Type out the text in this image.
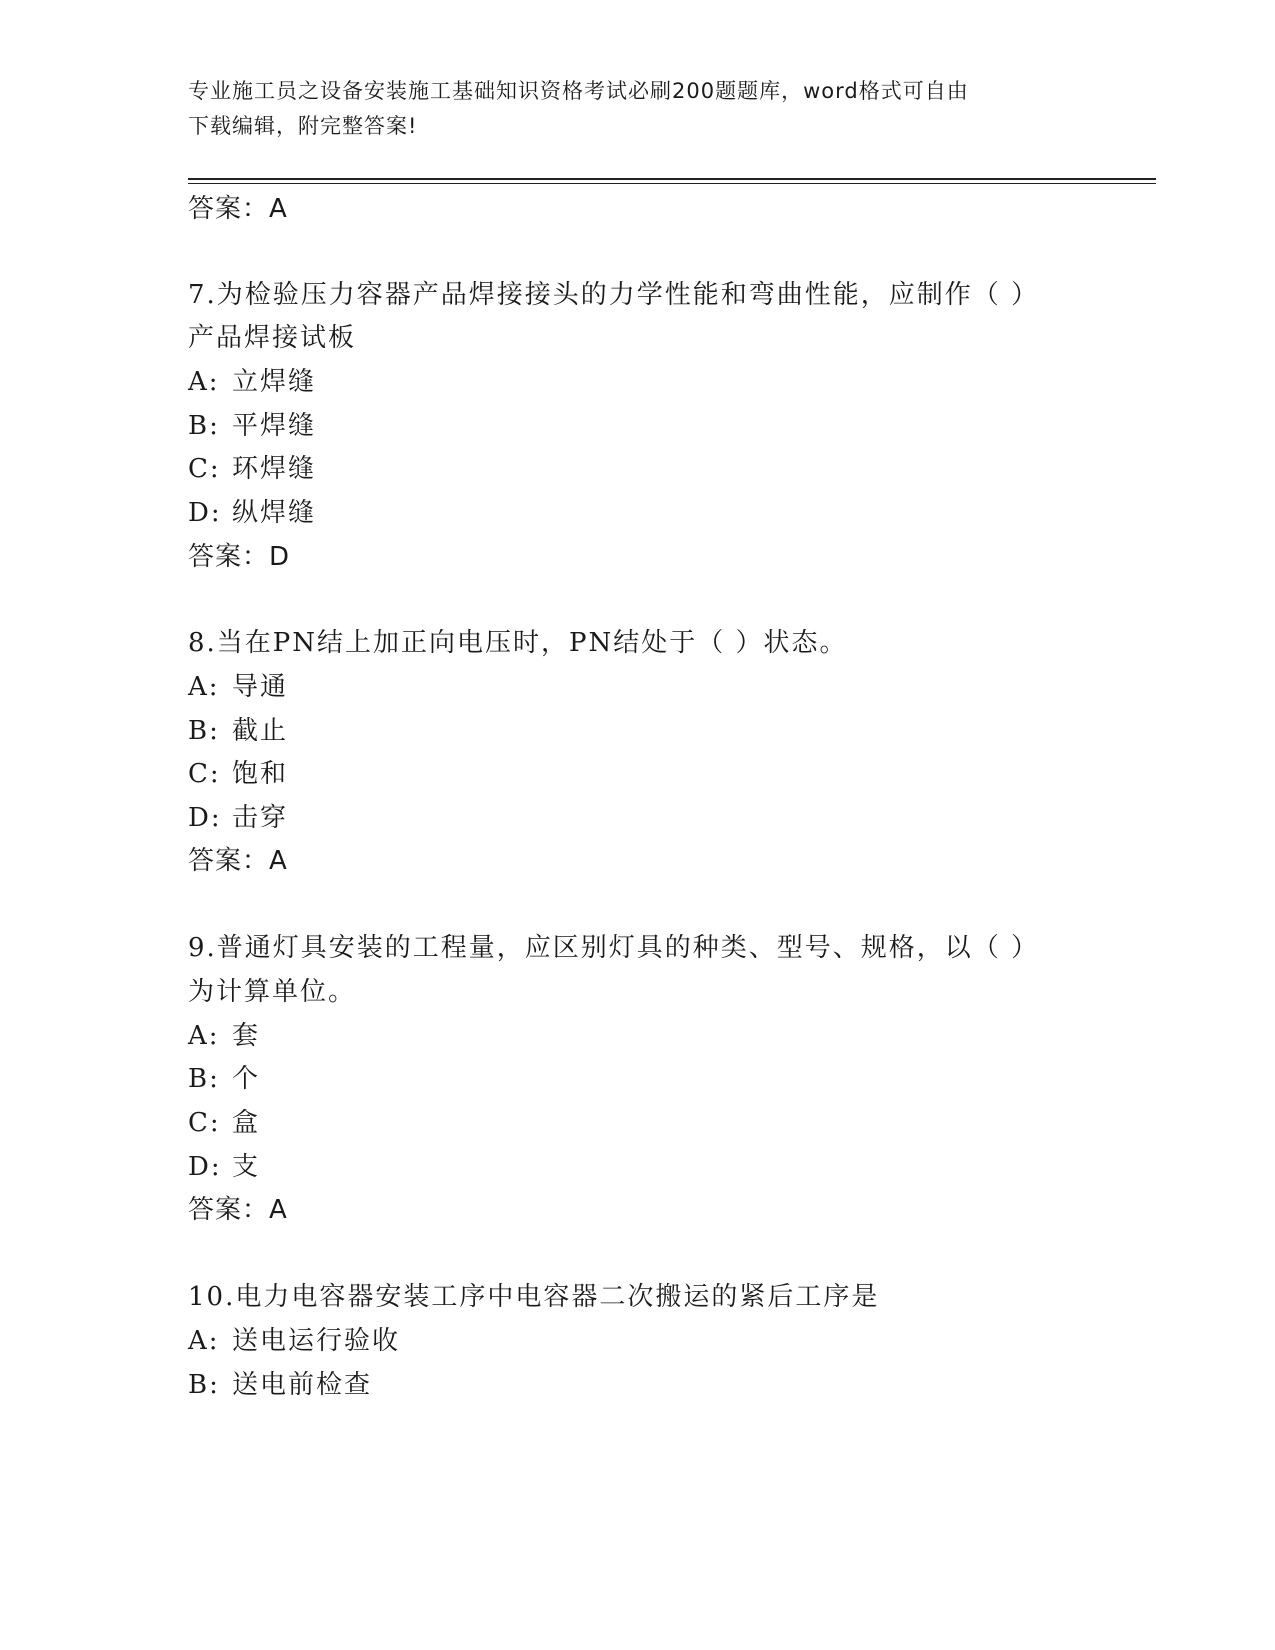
专业施工员之设备安装施工基础知识资格考试必刷200题题库，word格式可自由
下载编辑，附完整答案!
答案：A
7.为检验压力容器产品焊接接头的力学性能和弯曲性能，应制作（ ）
产品焊接试板
A: 立焊缝
B: 平焊缝
C: 环焊缝
D: 纵焊缝
答案：D
8.当在PN结上加正向电压时，PN结处于（ ）状态。
A: 导通
B: 截止
C: 饱和
D: 击穿
答案：A
9.普通灯具安装的工程量，应区别灯具的种类、型号、规格，以（ ）
为计算单位。
A: 套
B: 个
C: 盒
D: 支
答案：A
10.电力电容器安装工序中电容器二次搬运的紧后工序是
A: 送电运行验收
B: 送电前检查
